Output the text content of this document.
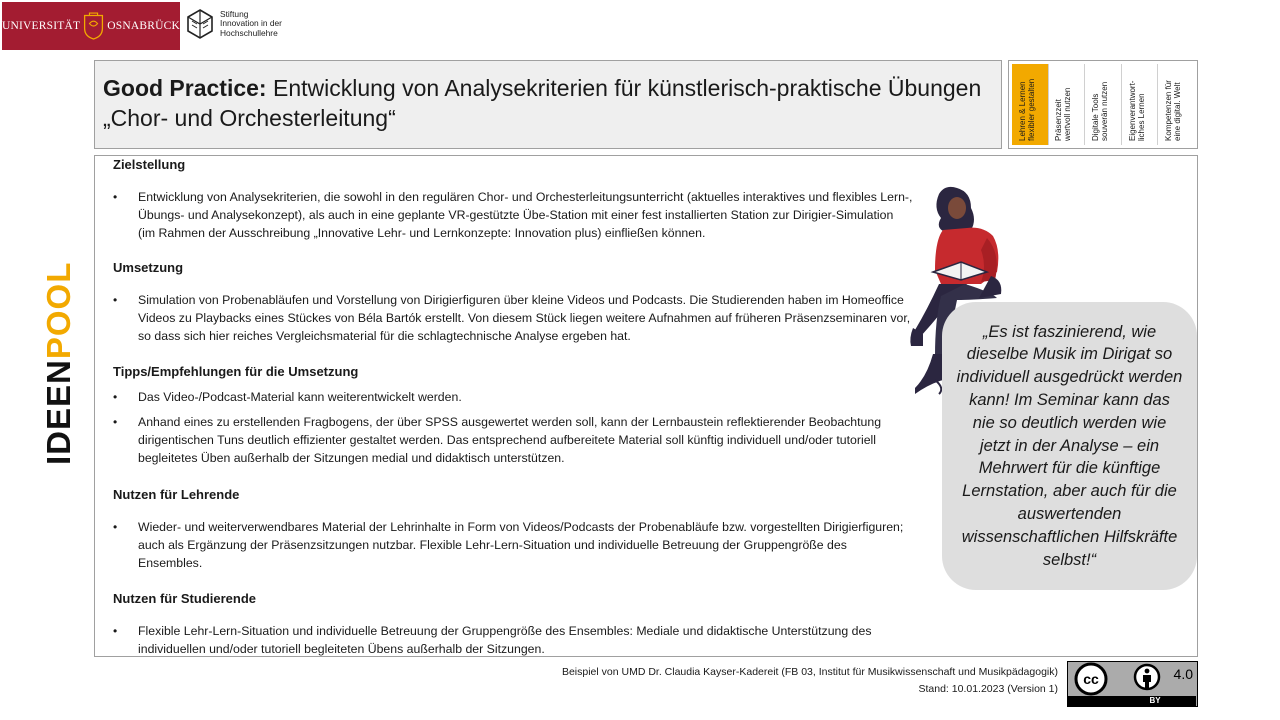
UNIVERSITÄT OSNABRÜCK
Stiftung
Innovation in der
Hochschullehre
Good Practice: Entwicklung von Analysekriterien für künstlerisch-praktische Übungen „Chor- und Orchesterleitung“	Lehren & Lernen
flexibler gestalten
Präsenzzeit
wertvoll nutzen
Digitale Tools
souverän nutzen Eigenverantwort-
liches Lernen Kompetenzen für
eine digital. Welt
IDEENPOOL
Zielstellung
• Entwicklung von Analysekriterien, die sowohl in den regulären Chor- und Orchesterleitungsunterricht (aktuelles interaktives und flexibles Lern-, Übungs- und Analysekonzept), als auch in eine geplante VR-gestützte Übe-Station mit einer fest installierten Station zur Dirigier-Simulation (im Rahmen der Ausschreibung „Innovative Lehr- und Lernkonzepte: Innovation plus) einfließen können.
Umsetzung
• Simulation von Probenabläufen und Vorstellung von Dirigierfiguren über kleine Videos und Podcasts. Die Studierenden haben im Homeoffice Videos zu Playbacks eines Stückes von Béla Bartók erstellt. Von diesem Stück liegen weitere Aufnahmen auf früheren Präsenzseminaren vor, so dass sich hier reiches Vergleichsmaterial für die schlagtechnische Analyse ergeben hat.
Tipps/Empfehlungen für die Umsetzung
• Das Video-/Podcast-Material kann weiterentwickelt werden.
• Anhand eines zu erstellenden Fragbogens, der über SPSS ausgewertet werden soll, kann der Lernbaustein reflektierender Beobachtung dirigentischen Tuns deutlich effizienter gestaltet werden. Das entsprechend aufbereitete Material soll künftig individuell und/oder tutoriell begleitetes Üben außerhalb der Sitzungen medial und didaktisch unterstützen.
Nutzen für Lehrende
• Wieder- und weiterverwendbares Material der Lehrinhalte in Form von Videos/Podcasts der Probenabläufe bzw. vorgestellten Dirigierfiguren; auch als Ergänzung der Präsenzsitzungen nutzbar. Flexible Lehr-Lern-Situation und individuelle Betreuung der Gruppengröße des Ensembles.
Nutzen für Studierende
• Flexible Lehr-Lern-Situation und individuelle Betreuung der Gruppengröße des Ensembles: Mediale und didaktische Unterstützung des individuellen und/oder tutoriell begleiteten Übens außerhalb der Sitzungen.

„Es ist faszinierend, wie dieselbe Musik im Dirigat so individuell ausgedrückt werden kann! Im Seminar kann das nie so deutlich werden wie jetzt in der Analyse – ein Mehrwert für die künftige Lernstation, aber auch für die auswertenden wissenschaftlichen Hilfskräfte selbst!“

Beispiel von UMD Dr. Claudia Kayser-Kadereit (FB 03, Institut für Musikwissenschaft und Musikpädagogik)
Stand: 10.01.2023 (Version 1)
cc	4.0
BY
